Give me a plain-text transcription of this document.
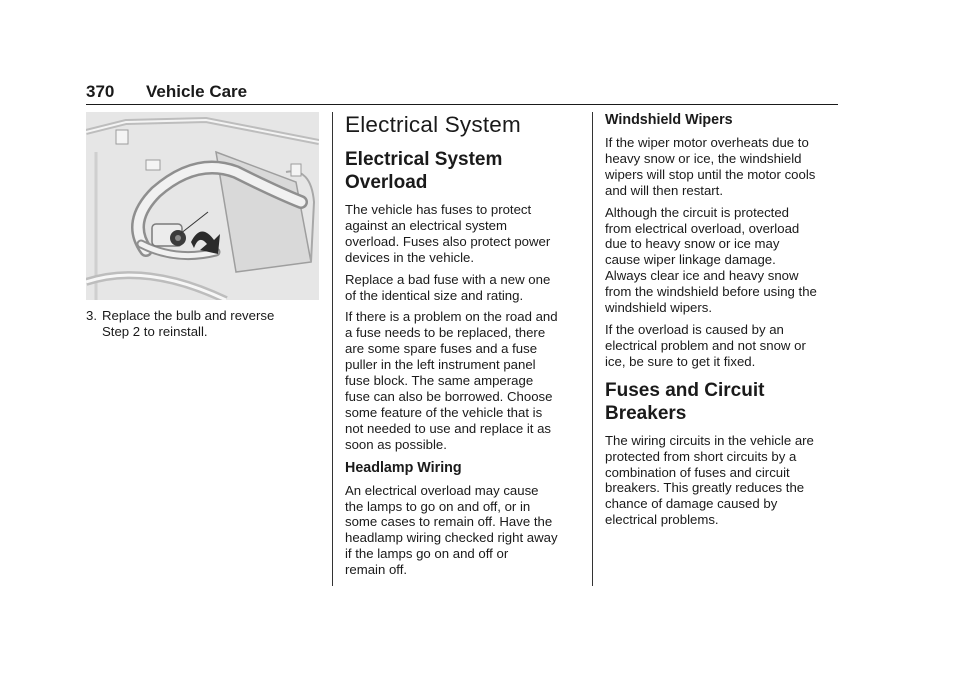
370 Vehicle Care
3. Replace the bulb and reverse
Step 2 to reinstall.

Electrical System
Electrical System
Overload

The vehicle has fuses to protect
against an electrical system
overload. Fuses also protect power
devices in the vehicle.

Replace a bad fuse with a new one
of the identical size and rating.

If there is a problem on the road and
a fuse needs to be replaced, there
are some spare fuses and a fuse
puller in the left instrument panel
fuse block. The same amperage
fuse can also be borrowed. Choose
some feature of the vehicle that is
not needed to use and replace it as
soon as possible.

Headlamp Wiring

An electrical overload may cause
the lamps to go on and off, or in
some cases to remain off. Have the
headlamp wiring checked right away
if the lamps go on and off or
remain off.

Windshield Wipers

If the wiper motor overheats due to
heavy snow or ice, the windshield
wipers will stop until the motor cools
and will then restart.

Although the circuit is protected
from electrical overload, overload
due to heavy snow or ice may
cause wiper linkage damage.
Always clear ice and heavy snow
from the windshield before using the
windshield wipers.

If the overload is caused by an
electrical problem and not snow or
ice, be sure to get it fixed.

Fuses and Circuit
Breakers

The wiring circuits in the vehicle are
protected from short circuits by a
combination of fuses and circuit
breakers. This greatly reduces the
chance of damage caused by
electrical problems.
